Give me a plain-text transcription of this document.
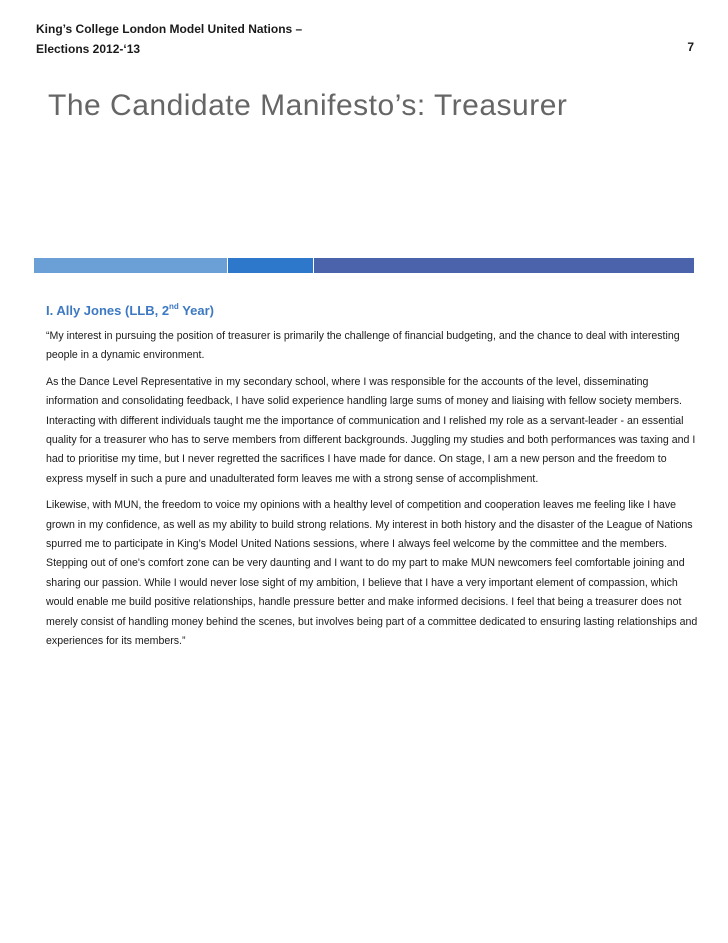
King’s College London Model United Nations –
Elections 2012-‘13	7
The Candidate Manifesto’s: Treasurer
I. Ally Jones (LLB, 2nd Year)

“My interest in pursuing the position of treasurer is primarily the challenge of financial budgeting, and the chance to deal with interesting people in a dynamic environment.

As the Dance Level Representative in my secondary school, where I was responsible for the accounts of the level, disseminating information and consolidating feedback, I have solid experience handling large sums of money and liaising with fellow society members. Interacting with different individuals taught me the importance of communication and I relished my role as a servant-leader - an essential quality for a treasurer who has to serve members from different backgrounds. Juggling my studies and both performances was taxing and I had to prioritise my time, but I never regretted the sacrifices I have made for dance. On stage, I am a new person and the freedom to express myself in such a pure and unadulterated form leaves me with a strong sense of accomplishment.

Likewise, with MUN, the freedom to voice my opinions with a healthy level of competition and cooperation leaves me feeling like I have grown in my confidence, as well as my ability to build strong relations. My interest in both history and the disaster of the League of Nations spurred me to participate in King’s Model United Nations sessions, where I always feel welcome by the committee and the members. Stepping out of one's comfort zone can be very daunting and I want to do my part to make MUN newcomers feel comfortable joining and sharing our passion. While I would never lose sight of my ambition, I believe that I have a very important element of compassion, which would enable me build positive relationships, handle pressure better and make informed decisions. I feel that being a treasurer does not merely consist of handling money behind the scenes, but involves being part of a committee dedicated to ensuring lasting relationships and experiences for its members.”
